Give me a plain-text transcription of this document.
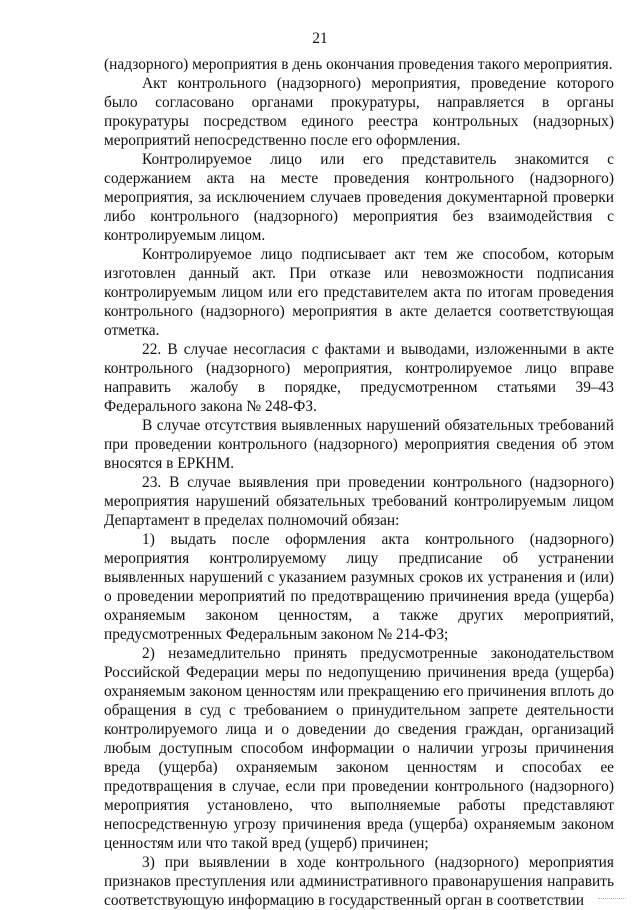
21

(надзорного) мероприятия в день окончания проведения такого мероприятия.

Акт контрольного (надзорного) мероприятия, проведение которого было согласовано органами прокуратуры, направляется в органы прокуратуры посредством единого реестра контрольных (надзорных) мероприятий непосредственно после его оформления.

Контролируемое лицо или его представитель знакомится с содержанием акта на месте проведения контрольного (надзорного) мероприятия, за исключением случаев проведения документарной проверки либо контрольного (надзорного) мероприятия без взаимодействия с контролируемым лицом.

Контролируемое лицо подписывает акт тем же способом, которым изготовлен данный акт. При отказе или невозможности подписания контролируемым лицом или его представителем акта по итогам проведения контрольного (надзорного) мероприятия в акте делается соответствующая отметка.

22. В случае несогласия с фактами и выводами, изложенными в акте контрольного (надзорного) мероприятия, контролируемое лицо вправе направить жалобу в порядке, предусмотренном статьями 39–43 Федерального закона № 248-ФЗ.

В случае отсутствия выявленных нарушений обязательных требований при проведении контрольного (надзорного) мероприятия сведения об этом вносятся в ЕРКНМ.

23. В случае выявления при проведении контрольного (надзорного) мероприятия нарушений обязательных требований контролируемым лицом Департамент в пределах полномочий обязан:

1) выдать после оформления акта контрольного (надзорного) мероприятия контролируемому лицу предписание об устранении выявленных нарушений с указанием разумных сроков их устранения и (или) о проведении мероприятий по предотвращению причинения вреда (ущерба) охраняемым законом ценностям, а также других мероприятий, предусмотренных Федеральным законом № 214-ФЗ;

2) незамедлительно принять предусмотренные законодательством Российской Федерации меры по недопущению причинения вреда (ущерба) охраняемым законом ценностям или прекращению его причинения вплоть до обращения в суд с требованием о принудительном запрете деятельности контролируемого лица и о доведении до сведения граждан, организаций любым доступным способом информации о наличии угрозы причинения вреда (ущерба) охраняемым законом ценностям и способах ее предотвращения в случае, если при проведении контрольного (надзорного) мероприятия установлено, что выполняемые работы представляют непосредственную угрозу причинения вреда (ущерба) охраняемым законом ценностям или что такой вред (ущерб) причинен;

3) при выявлении в ходе контрольного (надзорного) мероприятия признаков преступления или административного правонарушения направить соответствующую информацию в государственный орган в соответствии
